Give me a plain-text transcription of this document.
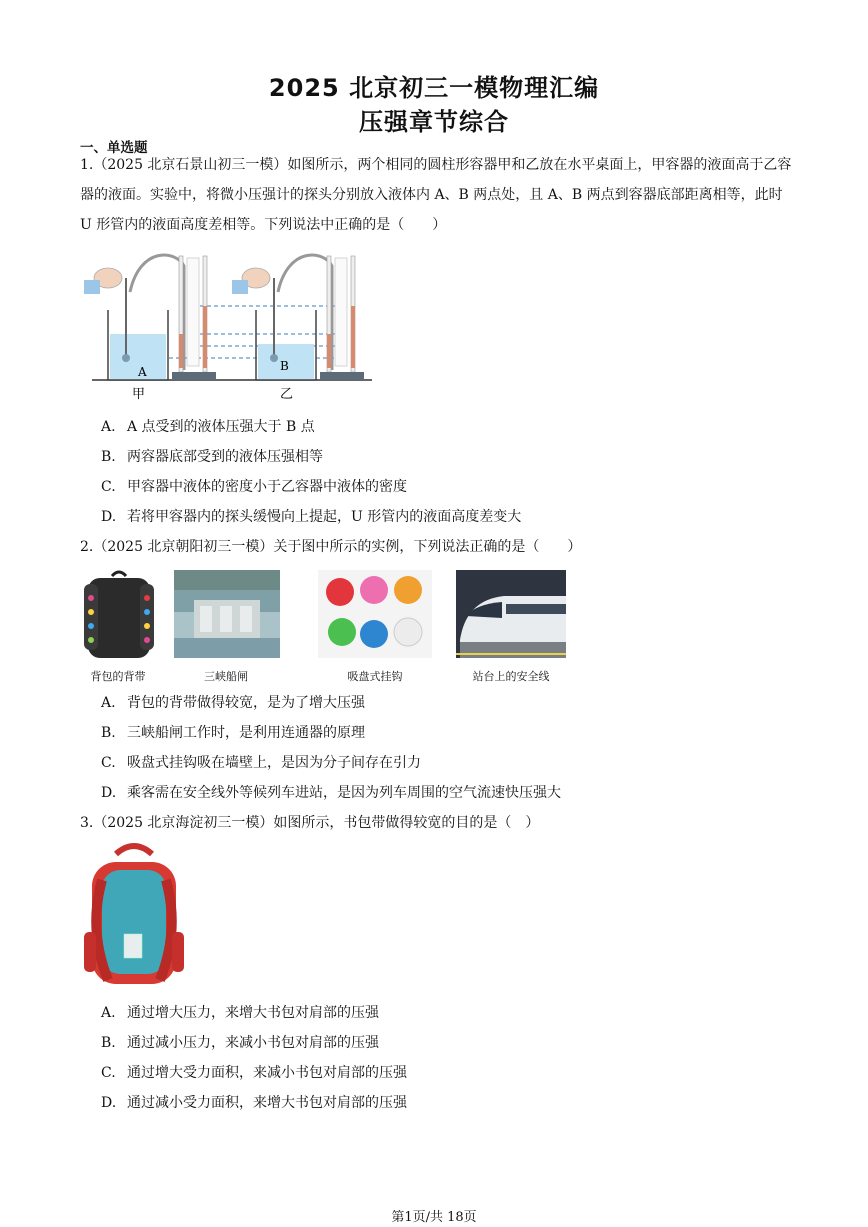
2025 北京初三一模物理汇编
压强章节综合
一、单选题
1.（2025 北京石景山初三一模）如图所示，两个相同的圆柱形容器甲和乙放在水平桌面上，甲容器的液面高于乙容器的液面。实验中，将微小压强计的探头分别放入液体内 A、B 两点处，且 A、B 两点到容器底部距离相等，此时 U 形管内的液面高度差相等。下列说法中正确的是（　　）
A	B
甲	乙
A. A 点受到的液体压强大于 B 点
B. 两容器底部受到的液体压强相等
C. 甲容器中液体的密度小于乙容器中液体的密度
D. 若将甲容器内的探头缓慢向上提起，U 形管内的液面高度差变大
2.（2025 北京朝阳初三一模）关于图中所示的实例，下列说法正确的是（　　）
背包的背带	三峡船闸	吸盘式挂钩	站台上的安全线
A. 背包的背带做得较宽，是为了增大压强
B. 三峡船闸工作时，是利用连通器的原理
C. 吸盘式挂钩吸在墙壁上，是因为分子间存在引力
D. 乘客需在安全线外等候列车进站，是因为列车周围的空气流速快压强大
3.（2025 北京海淀初三一模）如图所示，书包带做得较宽的目的是（　）
A. 通过增大压力，来增大书包对肩部的压强
B. 通过减小压力，来减小书包对肩部的压强
C. 通过增大受力面积，来减小书包对肩部的压强
D. 通过减小受力面积，来增大书包对肩部的压强
第1页/共 18页
